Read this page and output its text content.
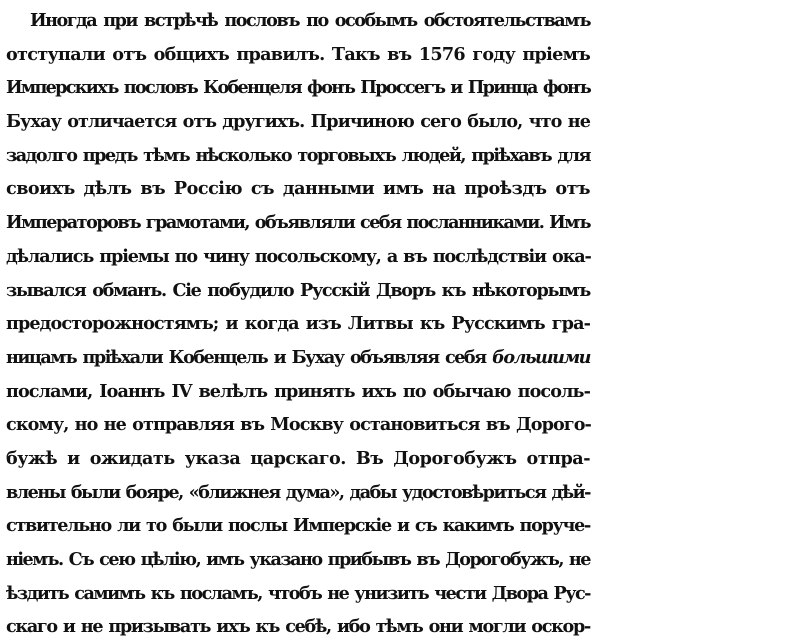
Иногда при встрѣчѣ пословъ по особымъ обстоятельствамъ
отступали отъ общихъ правилъ. Такъ въ 1576 году пріемъ
Имперскихъ пословъ Кобенцеля фонъ Проссегъ и Принца фонъ
Бухау отличается отъ другихъ. Причиною сего было, что не
задолго предъ тѣмъ нѣсколько торговыхъ людей, пріѣхавъ для
своихъ дѣлъ въ Россію съ данными имъ на проѣздъ отъ
Императоровъ грамотами, объявляли себя посланниками. Имъ
дѣлались пріемы по чину посольскому, а въ послѣдствіи ока-
зывался обманъ. Сіе побудило Русскій Дворъ къ нѣкоторымъ
предосторожностямъ; и когда изъ Литвы къ Русскимъ гра-
ницамъ пріѣхали Кобенцель и Бухау объявляя себя большими
послами, Іоаннъ IV велѣлъ принять ихъ по обычаю посоль-
скому, но не отправляя въ Москву остановиться въ Дорого-
бужѣ и ожидать указа царскаго. Въ Дорогобужъ отпра-
влены были бояре, «ближнея дума», дабы удостовѣриться дѣй-
ствительно ли то были послы Имперскіе и съ какимъ поруче-
ніемъ. Съ сею цѣлію, имъ указано прибывъ въ Дорогобужъ, не
ѣздить самимъ къ посламъ, чтобъ не унизить чести Двора Рус-
скаго и не призывать ихъ къ себѣ, ибо тѣмъ они могли оскор-
